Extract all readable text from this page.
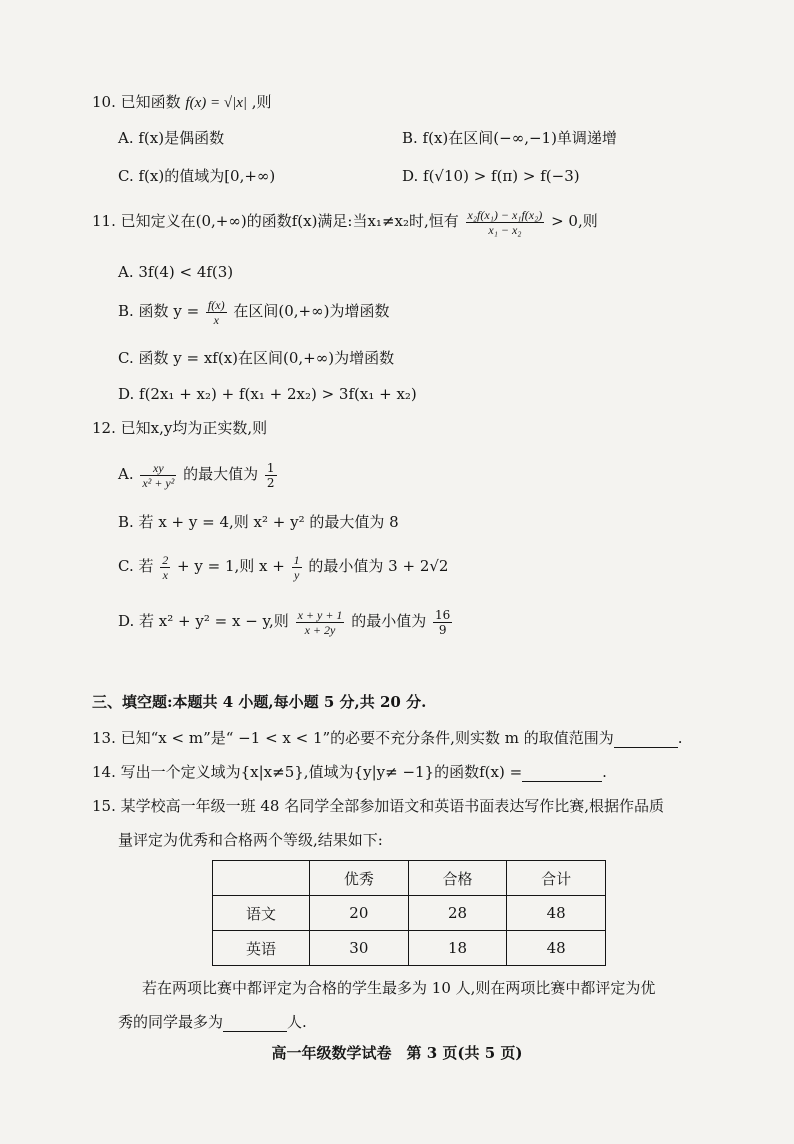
10. 已知函数 f(x) = √|x| ,则
A. f(x)是偶函数	B. f(x)在区间(−∞,−1)单调递增
C. f(x)的值域为[0,+∞)	D. f(√10) > f(π) > f(−3)
11. 已知定义在(0,+∞)的函数f(x)满足:当x₁≠x₂时,恒有 $\frac{\text{x₂f(x₁) − x₁f(x₂)}}{\text{x₁ − x₂}} > 0$,则
A. 3f(4) < 4f(3)
B. 函数 $y = \frac{f(x)}{x}$ 在区间(0,+∞)为增函数
C. 函数 y = xf(x)在区间(0,+∞)为增函数
D. f(2x₁ + x₂) + f(x₁ + 2x₂) > 3f(x₁ + x₂)
12. 已知x,y均为正实数,则
A. $\frac{xy}{\text{x² + y²}}$ 的最大值为 $\frac{1}{2}$
B. 若 x + y = 4,则 x² + y² 的最大值为 8
C. 若 $\frac{2}{x} + y = 1$,则 $x + \frac{1}{y}$ 的最小值为 3 + 2√2
D. 若 x² + y² = x − y,则 $\frac{x + y + 1}{x + 2y}$ 的最小值为 $\frac{16}{9}$
三、填空题:本题共 4 小题,每小题 5 分,共 20 分.
13. 已知“x < m”是“ −1 < x < 1”的必要不充分条件,则实数 m 的取值范围为	.
14. 写出一个定义域为{x|x≠5},值域为{y|y≠ −1}的函数f(x) =	.
15. 某学校高一年级一班 48 名同学全部参加语文和英语书面表达写作比赛,根据作品质
量评定为优秀和合格两个等级,结果如下:
	优秀	合格	合计
语文	20	28	48
英语	30	18	48
若在两项比赛中都评定为合格的学生最多为 10 人,则在两项比赛中都评定为优
秀的同学最多为	人.
高一年级数学试卷　第 3 页(共 5 页)
